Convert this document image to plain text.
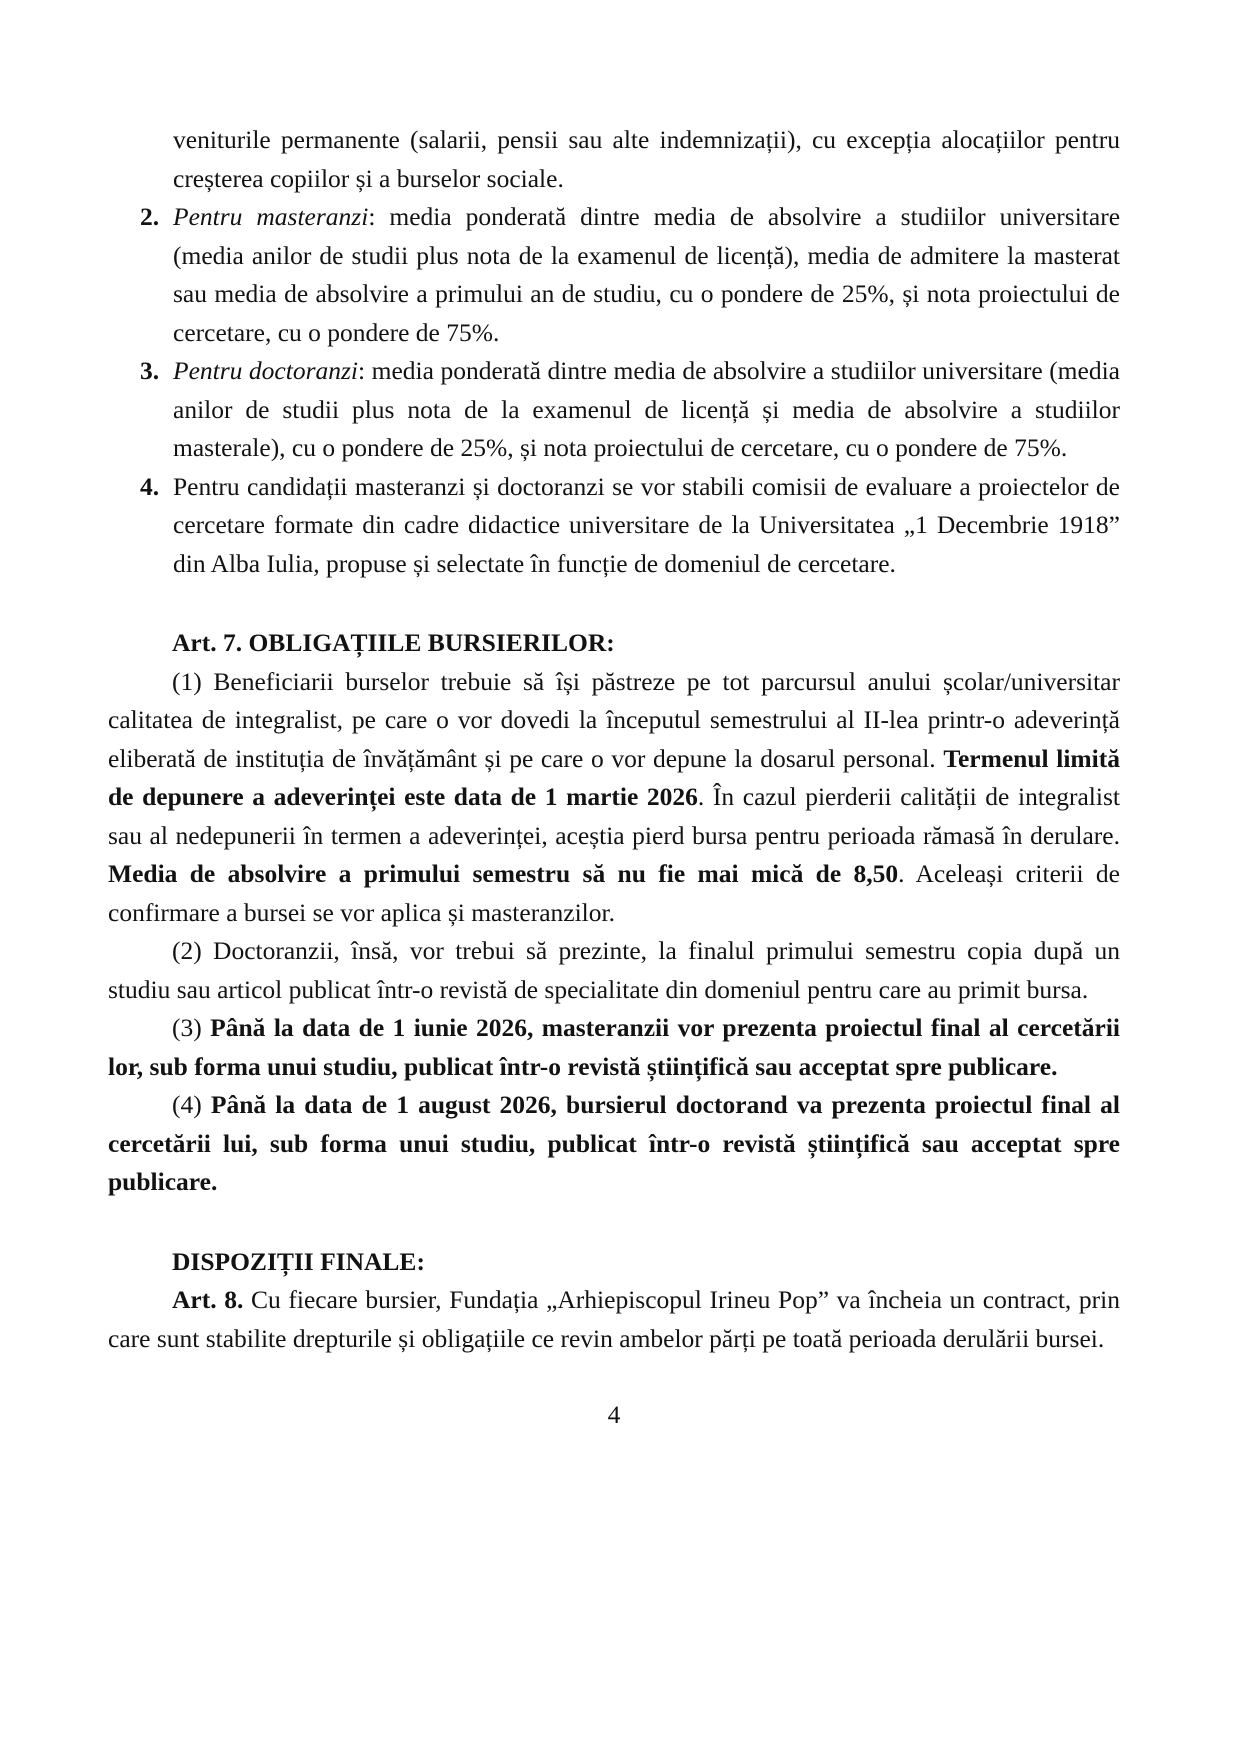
veniturile permanente (salarii, pensii sau alte indemnizații), cu excepția alocațiilor pentru creșterea copiilor și a burselor sociale.
2. Pentru masteranzi: media ponderată dintre media de absolvire a studiilor universitare (media anilor de studii plus nota de la examenul de licență), media de admitere la masterat sau media de absolvire a primului an de studiu, cu o pondere de 25%, și nota proiectului de cercetare, cu o pondere de 75%.
3. Pentru doctoranzi: media ponderată dintre media de absolvire a studiilor universitare (media anilor de studii plus nota de la examenul de licență și media de absolvire a studiilor masterale), cu o pondere de 25%, și nota proiectului de cercetare, cu o pondere de 75%.
4. Pentru candidații masteranzi și doctoranzi se vor stabili comisii de evaluare a proiectelor de cercetare formate din cadre didactice universitare de la Universitatea „1 Decembrie 1918” din Alba Iulia, propuse și selectate în funcție de domeniul de cercetare.
Art. 7. OBLIGAȚIILE BURSIERILOR:
(1) Beneficiarii burselor trebuie să își păstreze pe tot parcursul anului școlar/universitar calitatea de integralist, pe care o vor dovedi la începutul semestrului al II-lea printr-o adeverință eliberată de instituția de învățământ și pe care o vor depune la dosarul personal. Termenul limită de depunere a adeverinței este data de 1 martie 2026. În cazul pierderii calității de integralist sau al nedepunerii în termen a adeverinței, aceștia pierd bursa pentru perioada rămasă în derulare. Media de absolvire a primului semestru să nu fie mai mică de 8,50. Aceleași criterii de confirmare a bursei se vor aplica și masteranzilor.
(2) Doctoranzii, însă, vor trebui să prezinte, la finalul primului semestru copia după un studiu sau articol publicat într-o revistă de specialitate din domeniul pentru care au primit bursa.
(3) Până la data de 1 iunie 2026, masteranzii vor prezenta proiectul final al cercetării lor, sub forma unui studiu, publicat într-o revistă științifică sau acceptat spre publicare.
(4) Până la data de 1 august 2026, bursierul doctorand va prezenta proiectul final al cercetării lui, sub forma unui studiu, publicat într-o revistă științifică sau acceptat spre publicare.
DISPOZIȚII FINALE:
Art. 8. Cu fiecare bursier, Fundația „Arhiepiscopul Irineu Pop” va încheia un contract, prin care sunt stabilite drepturile și obligațiile ce revin ambelor părți pe toată perioada derulării bursei.
4
